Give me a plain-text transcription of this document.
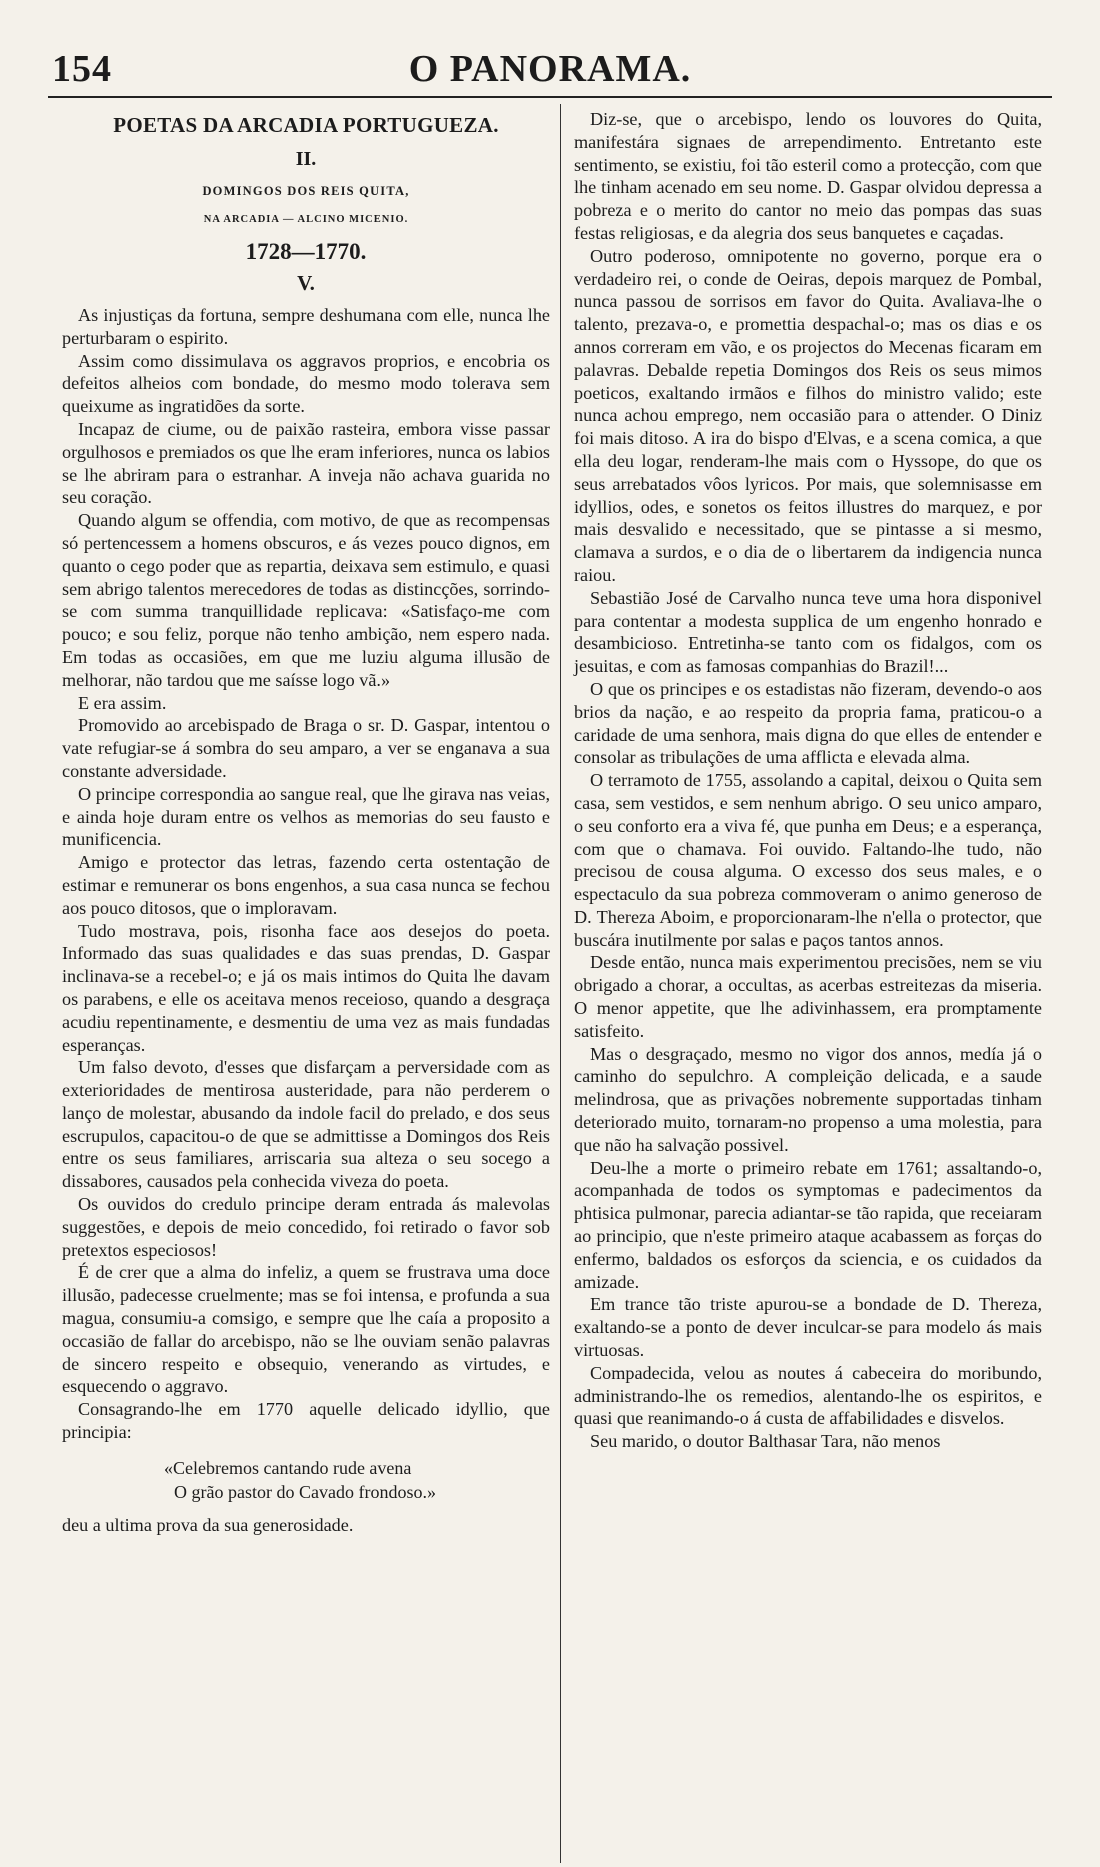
154	O PANORAMA.
POETAS DA ARCADIA PORTUGUEZA.
II.
DOMINGOS DOS REIS QUITA,
NA ARCADIA — ALCINO MICENIO.
1728—1770.
V.

As injustiças da fortuna, sempre deshumana com elle, nunca lhe perturbaram o espirito.

Assim como dissimulava os aggravos proprios, e encobria os defeitos alheios com bondade, do mesmo modo tolerava sem queixume as ingratidões da sorte.

Incapaz de ciume, ou de paixão rasteira, embora visse passar orgulhosos e premiados os que lhe eram inferiores, nunca os labios se lhe abriram para o estranhar. A inveja não achava guarida no seu coração.

Quando algum se offendia, com motivo, de que as recompensas só pertencessem a homens obscuros, e ás vezes pouco dignos, em quanto o cego poder que as repartia, deixava sem estimulo, e quasi sem abrigo talentos merecedores de todas as distincções, sorrindo-se com summa tranquillidade replicava: «Satisfaço-me com pouco; e sou feliz, porque não tenho ambição, nem espero nada. Em todas as occasiões, em que me luziu alguma illusão de melhorar, não tardou que me saísse logo vã.»

E era assim.

Promovido ao arcebispado de Braga o sr. D. Gaspar, intentou o vate refugiar-se á sombra do seu amparo, a ver se enganava a sua constante adversidade.

O principe correspondia ao sangue real, que lhe girava nas veias, e ainda hoje duram entre os velhos as memorias do seu fausto e munificencia.

Amigo e protector das letras, fazendo certa ostentação de estimar e remunerar os bons engenhos, a sua casa nunca se fechou aos pouco ditosos, que o imploravam.

Tudo mostrava, pois, risonha face aos desejos do poeta. Informado das suas qualidades e das suas prendas, D. Gaspar inclinava-se a recebel-o; e já os mais intimos do Quita lhe davam os parabens, e elle os aceitava menos receioso, quando a desgraça acudiu repentinamente, e desmentiu de uma vez as mais fundadas esperanças.

Um falso devoto, d'esses que disfarçam a perversidade com as exterioridades de mentirosa austeridade, para não perderem o lanço de molestar, abusando da indole facil do prelado, e dos seus escrupulos, capacitou-o de que se admittisse a Domingos dos Reis entre os seus familiares, arriscaria sua alteza o seu socego a dissabores, causados pela conhecida viveza do poeta.

Os ouvidos do credulo principe deram entrada ás malevolas suggestões, e depois de meio concedido, foi retirado o favor sob pretextos especiosos!

É de crer que a alma do infeliz, a quem se frustrava uma doce illusão, padecesse cruelmente; mas se foi intensa, e profunda a sua magua, consumiu-a comsigo, e sempre que lhe caía a proposito a occasião de fallar do arcebispo, não se lhe ouviam senão palavras de sincero respeito e obsequio, venerando as virtudes, e esquecendo o aggravo.

Consagrando-lhe em 1770 aquelle delicado idyllio, que principia:

«Celebremos cantando rude avena
O grão pastor do Cavado frondoso.»

deu a ultima prova da sua generosidade.

Diz-se, que o arcebispo, lendo os louvores do Quita, manifestára signaes de arrependimento. Entretanto este sentimento, se existiu, foi tão esteril como a protecção, com que lhe tinham acenado em seu nome. D. Gaspar olvidou depressa a pobreza e o merito do cantor no meio das pompas das suas festas religiosas, e da alegria dos seus banquetes e caçadas.

Outro poderoso, omnipotente no governo, porque era o verdadeiro rei, o conde de Oeiras, depois marquez de Pombal, nunca passou de sorrisos em favor do Quita. Avaliava-lhe o talento, prezava-o, e promettia despachal-o; mas os dias e os annos correram em vão, e os projectos do Mecenas ficaram em palavras. Debalde repetia Domingos dos Reis os seus mimos poeticos, exaltando irmãos e filhos do ministro valido; este nunca achou emprego, nem occasião para o attender. O Diniz foi mais ditoso. A ira do bispo d'Elvas, e a scena comica, a que ella deu logar, renderam-lhe mais com o Hyssope, do que os seus arrebatados vôos lyricos. Por mais, que solemnisasse em idyllios, odes, e sonetos os feitos illustres do marquez, e por mais desvalido e necessitado, que se pintasse a si mesmo, clamava a surdos, e o dia de o libertarem da indigencia nunca raiou.

Sebastião José de Carvalho nunca teve uma hora disponivel para contentar a modesta supplica de um engenho honrado e desambicioso. Entretinha-se tanto com os fidalgos, com os jesuitas, e com as famosas companhias do Brazil!...

O que os principes e os estadistas não fizeram, devendo-o aos brios da nação, e ao respeito da propria fama, praticou-o a caridade de uma senhora, mais digna do que elles de entender e consolar as tribulações de uma afflicta e elevada alma.

O terramoto de 1755, assolando a capital, deixou o Quita sem casa, sem vestidos, e sem nenhum abrigo. O seu unico amparo, o seu conforto era a viva fé, que punha em Deus; e a esperança, com que o chamava. Foi ouvido. Faltando-lhe tudo, não precisou de cousa alguma. O excesso dos seus males, e o espectaculo da sua pobreza commoveram o animo generoso de D. Thereza Aboim, e proporcionaram-lhe n'ella o protector, que buscára inutilmente por salas e paços tantos annos.

Desde então, nunca mais experimentou precisões, nem se viu obrigado a chorar, a occultas, as acerbas estreitezas da miseria. O menor appetite, que lhe adivinhassem, era promptamente satisfeito.

Mas o desgraçado, mesmo no vigor dos annos, medía já o caminho do sepulchro. A compleição delicada, e a saude melindrosa, que as privações nobremente supportadas tinham deteriorado muito, tornaram-no propenso a uma molestia, para que não ha salvação possivel.

Deu-lhe a morte o primeiro rebate em 1761; assaltando-o, acompanhada de todos os symptomas e padecimentos da phtisica pulmonar, parecia adiantar-se tão rapida, que receiaram ao principio, que n'este primeiro ataque acabassem as forças do enfermo, baldados os esforços da sciencia, e os cuidados da amizade.

Em trance tão triste apurou-se a bondade de D. Thereza, exaltando-se a ponto de dever inculcar-se para modelo ás mais virtuosas.

Compadecida, velou as noutes á cabeceira do moribundo, administrando-lhe os remedios, alentando-lhe os espiritos, e quasi que reanimando-o á custa de affabilidades e disvelos.

Seu marido, o doutor Balthasar Tara, não menos
